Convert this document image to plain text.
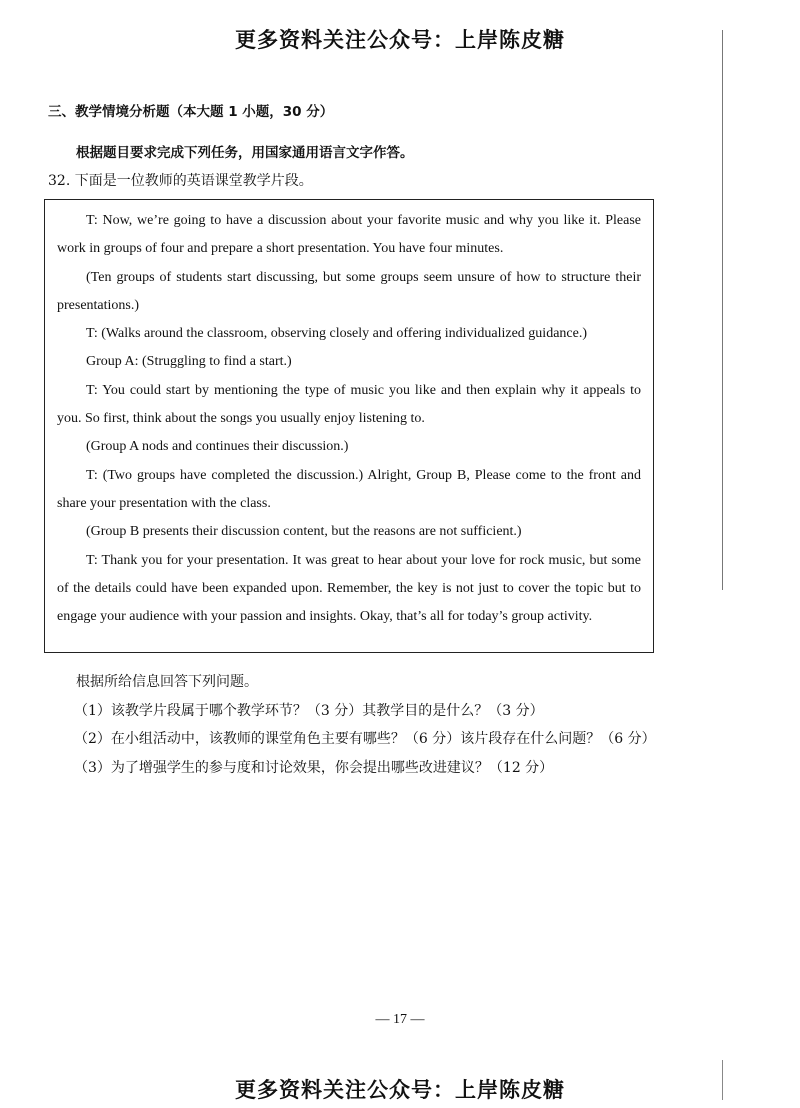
更多资料关注公众号：上岸陈皮糖
三、教学情境分析题（本大题 1 小题，30 分）
根据题目要求完成下列任务，用国家通用语言文字作答。
32. 下面是一位教师的英语课堂教学片段。

T: Now, we’re going to have a discussion about your favorite music and why you like it. Please work in groups of four and prepare a short presentation. You have four minutes.

(Ten groups of students start discussing, but some groups seem unsure of how to structure their presentations.)

T: (Walks around the classroom, observing closely and offering individualized guidance.)

Group A: (Struggling to find a start.)

T: You could start by mentioning the type of music you like and then explain why it appeals to you. So first, think about the songs you usually enjoy listening to.

(Group A nods and continues their discussion.)

T: (Two groups have completed the discussion.) Alright, Group B, Please come to the front and share your presentation with the class.

(Group B presents their discussion content, but the reasons are not sufficient.)

T: Thank you for your presentation. It was great to hear about your love for rock music, but some of the details could have been expanded upon. Remember, the key is not just to cover the topic but to engage your audience with your passion and insights. Okay, that’s all for today’s group activity.

根据所给信息回答下列问题。

（1）该教学片段属于哪个教学环节？（3 分）其教学目的是什么？（3 分）

（2）在小组活动中，该教师的课堂角色主要有哪些？（6 分）该片段存在什么问题？（6 分）

（3）为了增强学生的参与度和讨论效果，你会提出哪些改进建议？（12 分）

— 17 —
更多资料关注公众号：上岸陈皮糖
